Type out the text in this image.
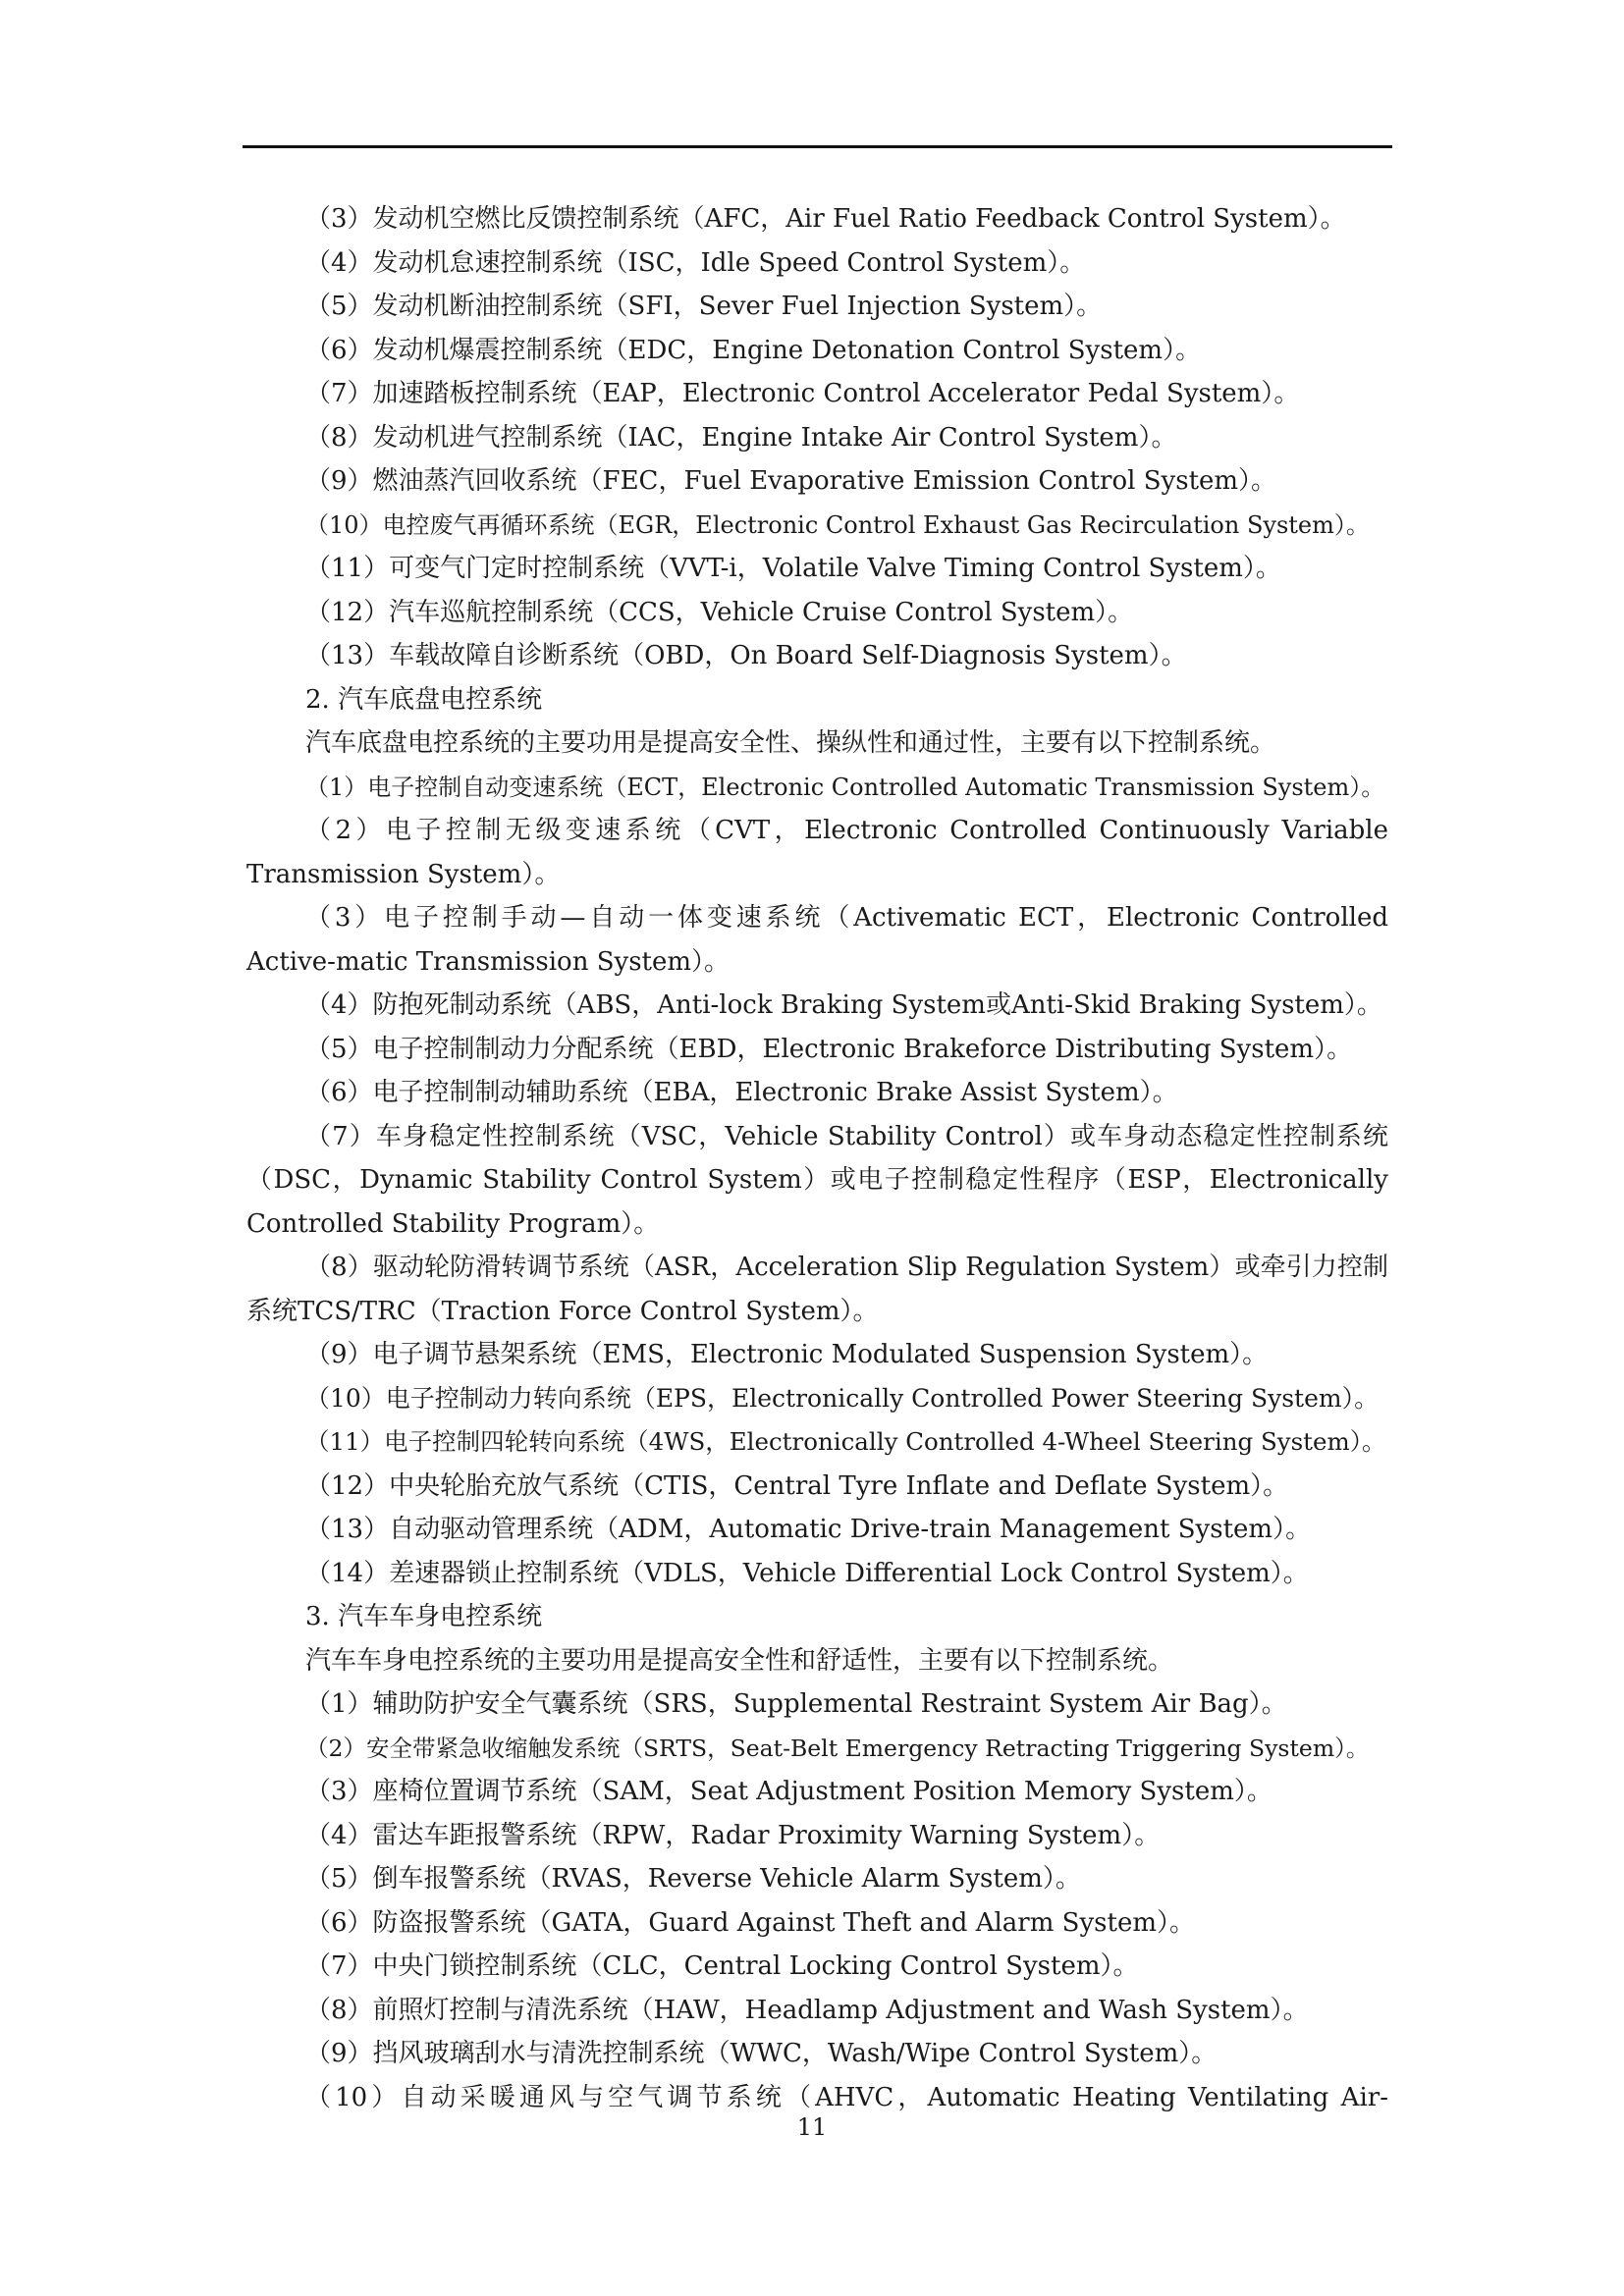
（3）发动机空燃比反馈控制系统（AFC，Air Fuel Ratio Feedback Control System）。
（4）发动机怠速控制系统（ISC，Idle Speed Control System）。
（5）发动机断油控制系统（SFI，Sever Fuel Injection System）。
（6）发动机爆震控制系统（EDC，Engine Detonation Control System）。
（7）加速踏板控制系统（EAP，Electronic Control Accelerator Pedal System）。
（8）发动机进气控制系统（IAC，Engine Intake Air Control System）。
（9）燃油蒸汽回收系统（FEC，Fuel Evaporative Emission Control System）。
（10）电控废气再循环系统（EGR，Electronic Control Exhaust Gas Recirculation System）。
（11）可变气门定时控制系统（VVT-i，Volatile Valve Timing Control System）。
（12）汽车巡航控制系统（CCS，Vehicle Cruise Control System）。
（13）车载故障自诊断系统（OBD，On Board Self-Diagnosis System）。
2. 汽车底盘电控系统
汽车底盘电控系统的主要功用是提高安全性、操纵性和通过性，主要有以下控制系统。
（1）电子控制自动变速系统（ECT，Electronic Controlled Automatic Transmission System）。
（2）电子控制无级变速系统（CVT，Electronic Controlled Continuously Variable
Transmission System）。
（3）电子控制手动—自动一体变速系统（Activematic ECT，Electronic Controlled
Active-matic Transmission System）。
（4）防抱死制动系统（ABS，Anti-lock Braking System或Anti-Skid Braking System）。
（5）电子控制制动力分配系统（EBD，Electronic Brakeforce Distributing System）。
（6）电子控制制动辅助系统（EBA，Electronic Brake Assist System）。
（7）车身稳定性控制系统（VSC，Vehicle Stability Control）或车身动态稳定性控制系统
（DSC，Dynamic Stability Control System）或电子控制稳定性程序（ESP，Electronically
Controlled Stability Program）。
（8）驱动轮防滑转调节系统（ASR，Acceleration Slip Regulation System）或牵引力控制
系统TCS/TRC（Traction Force Control System）。
（9）电子调节悬架系统（EMS，Electronic Modulated Suspension System）。
（10）电子控制动力转向系统（EPS，Electronically Controlled Power Steering System）。
（11）电子控制四轮转向系统（4WS，Electronically Controlled 4-Wheel Steering System）。
（12）中央轮胎充放气系统（CTIS，Central Tyre Inflate and Deflate System）。
（13）自动驱动管理系统（ADM，Automatic Drive-train Management System）。
（14）差速器锁止控制系统（VDLS，Vehicle Differential Lock Control System）。
3. 汽车车身电控系统
汽车车身电控系统的主要功用是提高安全性和舒适性，主要有以下控制系统。
（1）辅助防护安全气囊系统（SRS，Supplemental Restraint System Air Bag）。
（2）安全带紧急收缩触发系统（SRTS，Seat-Belt Emergency Retracting Triggering System）。
（3）座椅位置调节系统（SAM，Seat Adjustment Position Memory System）。
（4）雷达车距报警系统（RPW，Radar Proximity Warning System）。
（5）倒车报警系统（RVAS，Reverse Vehicle Alarm System）。
（6）防盗报警系统（GATA，Guard Against Theft and Alarm System）。
（7）中央门锁控制系统（CLC，Central Locking Control System）。
（8）前照灯控制与清洗系统（HAW，Headlamp Adjustment and Wash System）。
（9）挡风玻璃刮水与清洗控制系统（WWC，Wash/Wipe Control System）。
（10）自动采暖通风与空气调节系统（AHVC，Automatic Heating Ventilating Air-
11
